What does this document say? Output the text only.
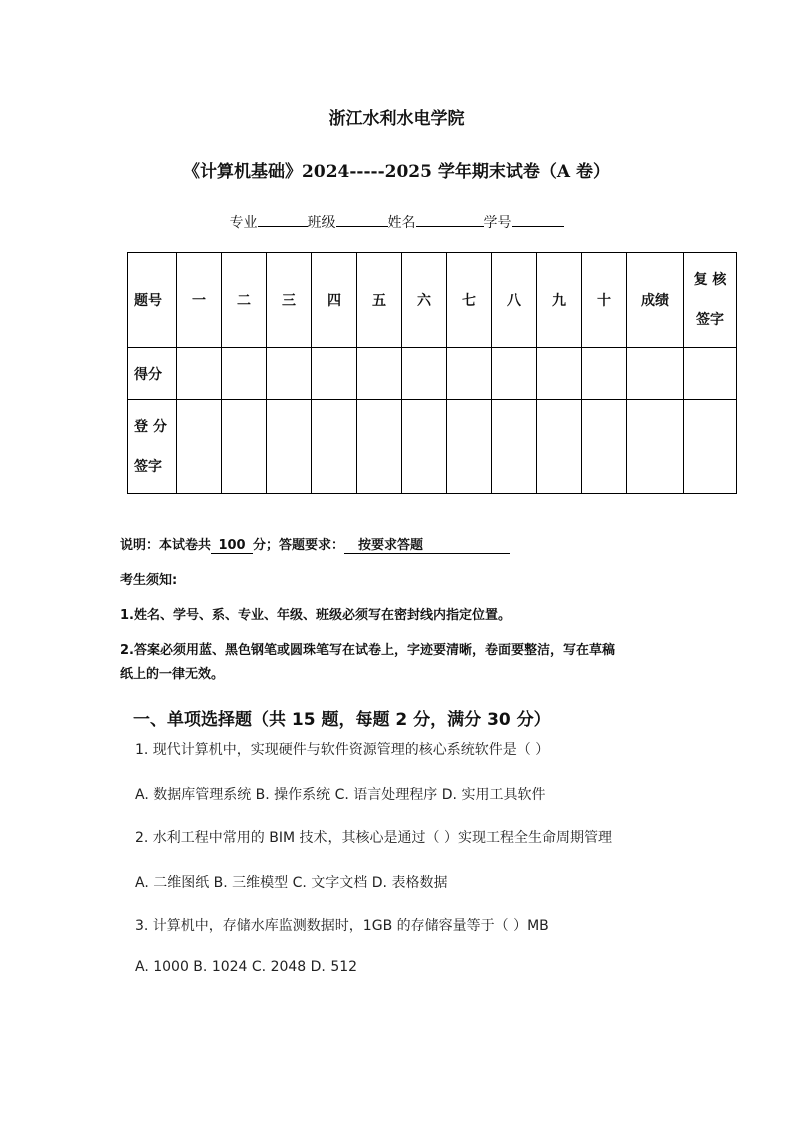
浙江水利水电学院
《计算机基础》2024-----2025 学年期末试卷（A 卷）
专业	班级	姓名	学号
题号	一	二	三	四	五	六	七	八	九	十	成绩	复 核
签字

得分												

登 分
签字												

说明：本试卷共 100 分；答题要求： 按要求答题
考生须知:
1.姓名、学号、系、专业、年级、班级必须写在密封线内指定位置。
2.答案必须用蓝、黑色钢笔或圆珠笔写在试卷上，字迹要清晰，卷面要整洁，写在草稿
纸上的一律无效。
一、单项选择题（共 15 题，每题 2 分，满分 30 分）
1. 现代计算机中，实现硬件与软件资源管理的核心系统软件是（ ）
A. 数据库管理系统 B. 操作系统 C. 语言处理程序 D. 实用工具软件
2. 水利工程中常用的 BIM 技术，其核心是通过（ ）实现工程全生命周期管理
A. 二维图纸 B. 三维模型 C. 文字文档 D. 表格数据
3. 计算机中，存储水库监测数据时，1GB 的存储容量等于（ ）MB
A. 1000 B. 1024 C. 2048 D. 512
